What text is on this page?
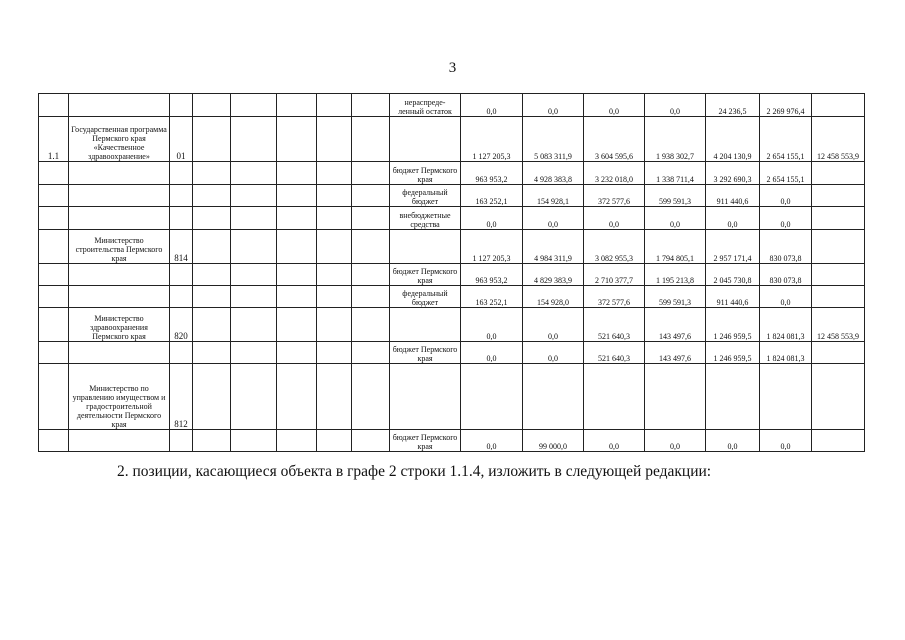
3
								нераспреде-ленный остаток	0,0	0,0	0,0	0,0	24 236,5	2 269 976,4	
1.1	Государственная программа Пермского края «Качественное здравоохранение»	01							1 127 205,3	5 083 311,9	3 604 595,6	1 938 302,7	4 204 130,9	2 654 155,1	12 458 553,9
								бюджет Пермского края	963 953,2	4 928 383,8	3 232 018,0	1 338 711,4	3 292 690,3	2 654 155,1	
								федеральный бюджет	163 252,1	154 928,1	372 577,6	599 591,3	911 440,6	0,0	
								внебюджетные средства	0,0	0,0	0,0	0,0	0,0	0,0	
	Министерство строительства Пермского края	814							1 127 205,3	4 984 311,9	3 082 955,3	1 794 805,1	2 957 171,4	830 073,8	
								бюджет Пермского края	963 953,2	4 829 383,9	2 710 377,7	1 195 213,8	2 045 730,8	830 073,8	
								федеральный бюджет	163 252,1	154 928,0	372 577,6	599 591,3	911 440,6	0,0	
	Министерство здравоохранения Пермского края	820							0,0	0,0	521 640,3	143 497,6	1 246 959,5	1 824 081,3	12 458 553,9
								бюджет Пермского края	0,0	0,0	521 640,3	143 497,6	1 246 959,5	1 824 081,3	
	Министерство по управлению имуществом и градостроительной деятельности Пермского края	812													
								бюджет Пермского края	0,0	99 000,0	0,0	0,0	0,0	0,0	
2. позиции, касающиеся объекта в графе 2 строки 1.1.4, изложить в следующей редакции:
